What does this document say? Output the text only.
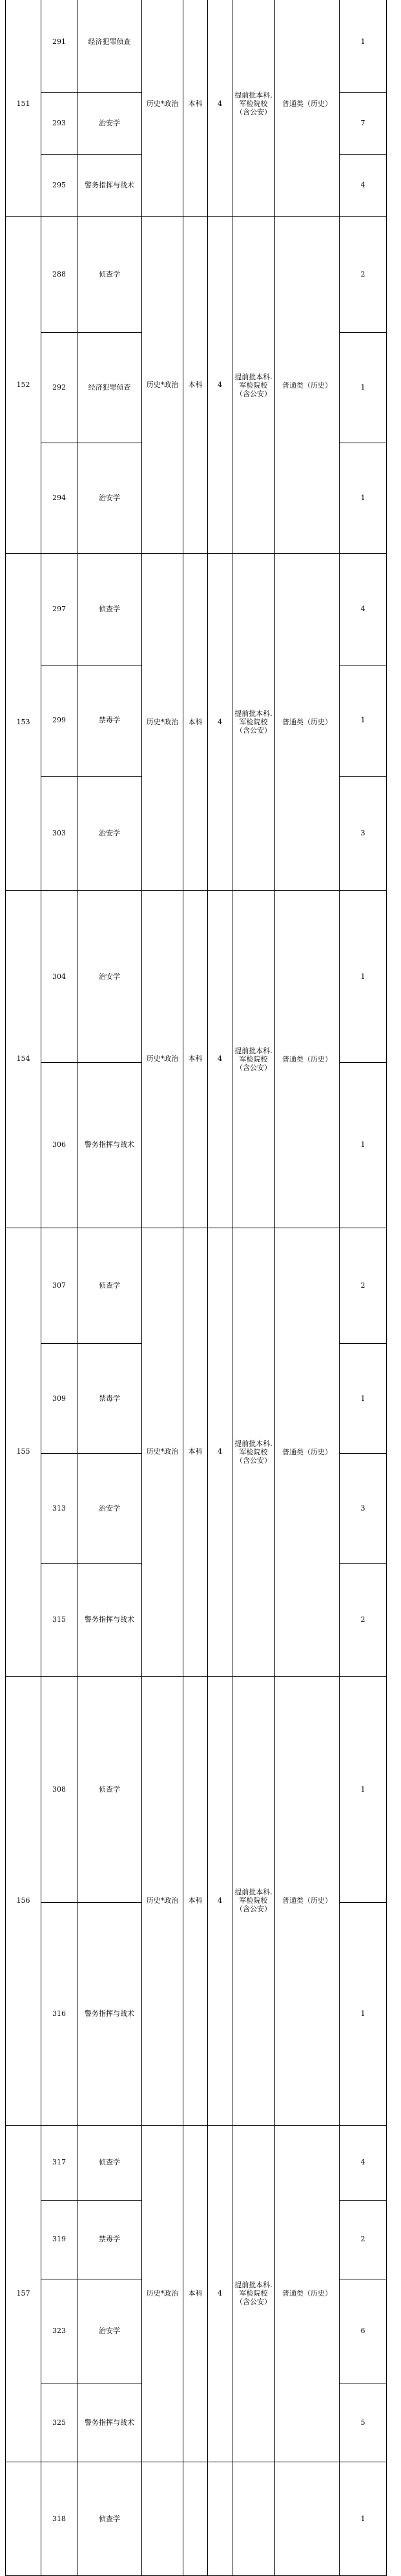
151	291	经济犯罪侦查	历史*政治	本科	4	提前批本科.军检院校（含公安）	普通类（历史）	1	

	293	治安学						7	
	295	警务指挥与战术						4	
152	288	侦查学	历史*政治	本科	4	提前批本科.军检院校（含公安）	普通类（历史）	2	

	292	经济犯罪侦查						1	
	294	治安学						1	
153	297	侦查学	历史*政治	本科	4	提前批本科.军检院校（含公安）	普通类（历史）	4	

	299	禁毒学						1	
	303	治安学						3	
154	304	治安学	历史*政治	本科	4	提前批本科.军检院校（含公安）	普通类（历史）	1	

	306	警务指挥与战术						1	
155	307	侦查学	历史*政治	本科	4	提前批本科.军检院校（含公安）	普通类（历史）	2	

	309	禁毒学						1	
	313	治安学						3	
	315	警务指挥与战术						2	
156	308	侦查学	历史*政治	本科	4	提前批本科.军检院校（含公安）	普通类（历史）	1	

	316	警务指挥与战术						1	
157	317	侦查学	历史*政治	本科	4	提前批本科.军检院校（含公安）	普通类（历史）	4	

	319	禁毒学						2	
	323	治安学						6	
	325	警务指挥与战术						5	
	318	侦查学						1	
